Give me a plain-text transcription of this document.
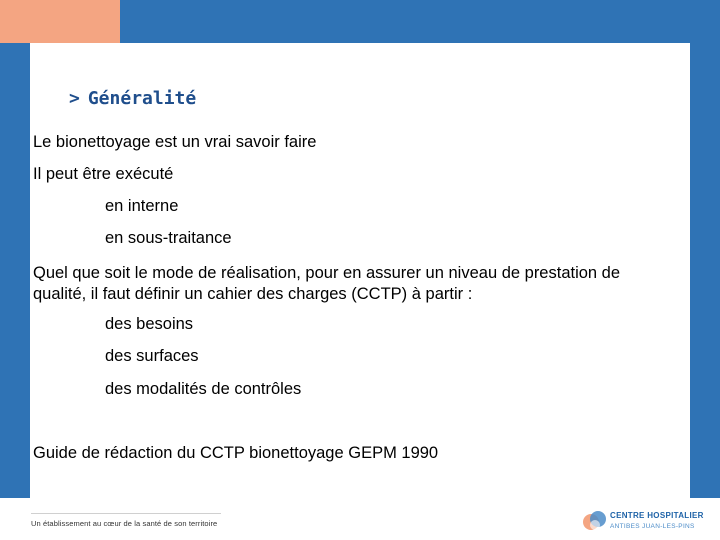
> Généralité
Le bionettoyage est un vrai savoir faire
Il peut être exécuté
en interne
en sous-traitance
Quel que soit le mode de réalisation, pour en assurer un niveau de prestation de
qualité, il faut définir un cahier des charges (CCTP) à partir :
des besoins
des surfaces
des modalités de contrôles
Guide de rédaction du CCTP bionettoyage GEPM 1990
Un établissement au cœur de la santé de son territoire
CENTRE HOSPITALIER
ANTIBES JUAN-LES-PINS
